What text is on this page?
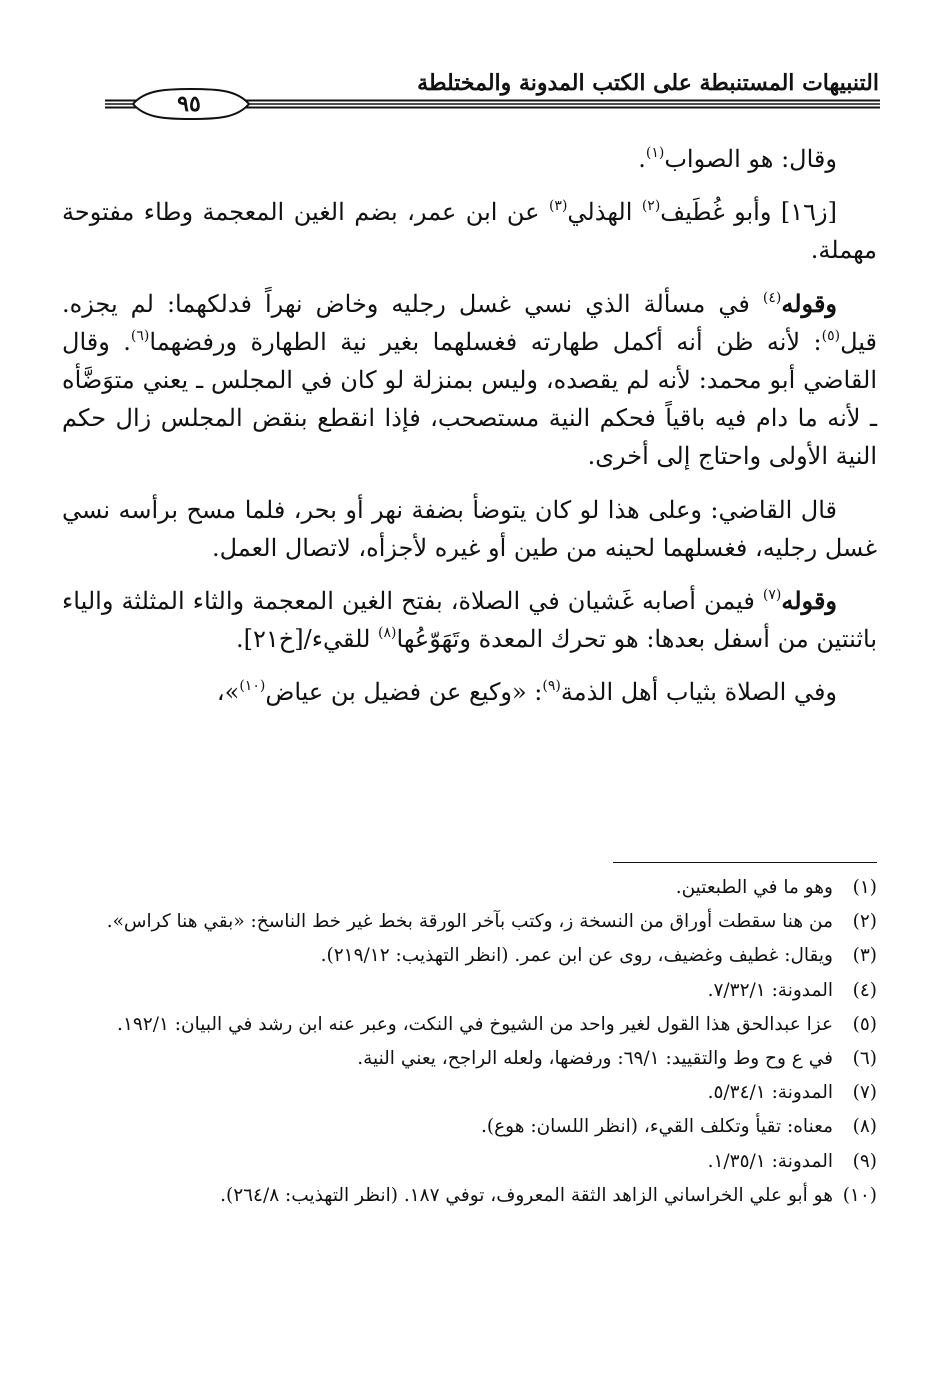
التنبيهات المستنبطة على الكتب المدونة والمختلطة
٩٥

وقال: هو الصواب$^{(١)}$.

[ز١٦] وأبو غُطَيف$^{(٢)}$ الهذلي$^{(٣)}$ عن ابن عمر، بضم الغين المعجمة وطاء مفتوحة مهملة.

وقوله$^{(٤)}$ في مسألة الذي نسي غسل رجليه وخاض نهراً فدلكهما: لم يجزه. قيل$^{(٥)}$: لأنه ظن أنه أكمل طهارته فغسلهما بغير نية الطهارة ورفضهما$^{(٦)}$. وقال القاضي أبو محمد: لأنه لم يقصده، وليس بمنزلة لو كان في المجلس ـ يعني متوَضَّأه ـ لأنه ما دام فيه باقياً فحكم النية مستصحب، فإذا انقطع بنقض المجلس زال حكم النية الأولى واحتاج إلى أخرى.

قال القاضي: وعلى هذا لو كان يتوضأ بضفة نهر أو بحر، فلما مسح برأسه نسي غسل رجليه، فغسلهما لحينه من طين أو غيره لأجزأه، لاتصال العمل.

وقوله$^{(٧)}$ فيمن أصابه غَشيان في الصلاة، بفتح الغين المعجمة والثاء المثلثة والياء باثنتين من أسفل بعدها: هو تحرك المعدة وتَهَوّعُها$^{(٨)}$ للقيء/[خ٢١].

وفي الصلاة بثياب أهل الذمة$^{(٩)}$: «وكيع عن فضيل بن عياض$^{(١٠)}$»،

(١)
وهو ما في الطبعتين.
(٢)
من هنا سقطت أوراق من النسخة ز، وكتب بآخر الورقة بخط غير خط الناسخ: «بقي هنا كراس».
(٣)
ويقال: غطيف وغضيف، روى عن ابن عمر. (انظر التهذيب: ٢١٩/١٢).
(٤)
المدونة: ٧/٣٢/١.
(٥)
عزا عبدالحق هذا القول لغير واحد من الشيوخ في النكت، وعبر عنه ابن رشد في البيان: ١٩٢/١.
(٦)
في ع وح وط والتقييد: ٦٩/١: ورفضها، ولعله الراجح، يعني النية.
(٧)
المدونة: ٥/٣٤/١.
(٨)
معناه: تقيأ وتكلف القيء، (انظر اللسان: هوع).
(٩)
المدونة: ١/٣٥/١.
(١٠)
هو أبو علي الخراساني الزاهد الثقة المعروف، توفي ١٨٧. (انظر التهذيب: ٢٦٤/٨).
